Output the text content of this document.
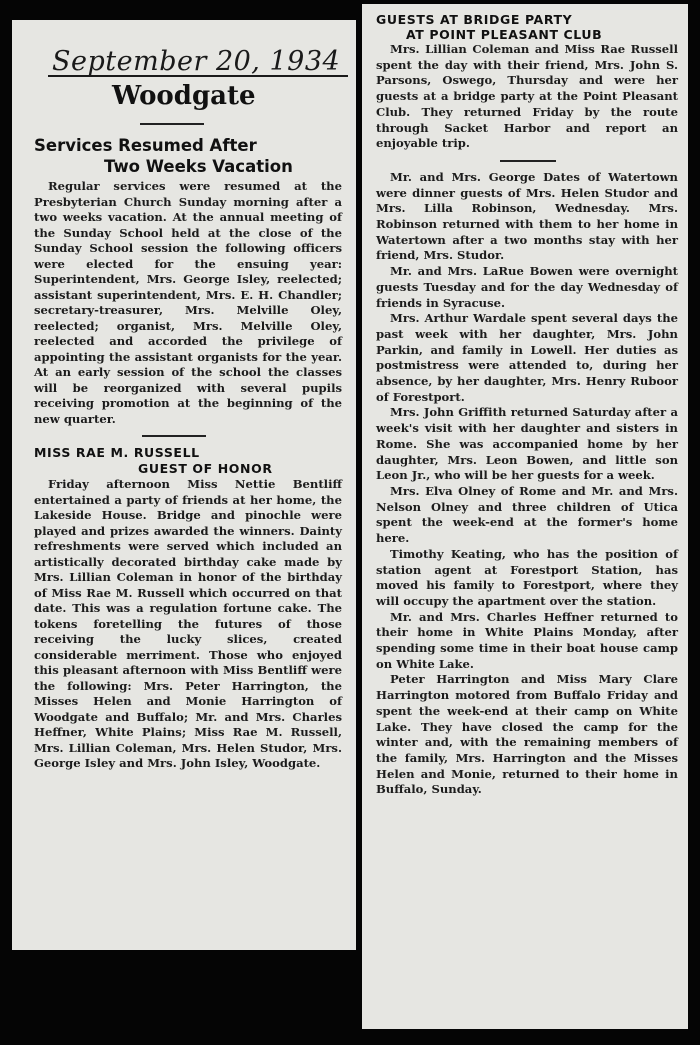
September 20, 1934
Woodgate
Services Resumed After
Two Weeks Vacation

Regular services were resumed at the Presbyterian Church Sunday morning after a two weeks vacation. At the annual meeting of the Sunday School held at the close of the Sunday School session the following officers were elected for the ensuing year: Superintendent, Mrs. George Isley, reelected; assistant superintendent, Mrs. E. H. Chandler; secretary-treasurer, Mrs. Melville Oley, reelected; organist, Mrs. Melville Oley, reelected and accorded the privilege of appointing the assistant organists for the year. At an early session of the school the classes will be reorganized with several pupils receiving promotion at the beginning of the new quarter.

MISS RAE M. RUSSELL
GUEST OF HONOR

Friday afternoon Miss Nettie Bentliff entertained a party of friends at her home, the Lakeside House. Bridge and pinochle were played and prizes awarded the winners. Dainty refreshments were served which included an artistically decorated birthday cake made by Mrs. Lillian Coleman in honor of the birthday of Miss Rae M. Russell which occurred on that date. This was a regulation fortune cake. The tokens foretelling the futures of those receiving the lucky slices, created considerable merriment. Those who enjoyed this pleasant afternoon with Miss Bentliff were the following: Mrs. Peter Harrington, the Misses Helen and Monie Harrington of Woodgate and Buffalo; Mr. and Mrs. Charles Heffner, White Plains; Miss Rae M. Russell, Mrs. Lillian Coleman, Mrs. Helen Studor, Mrs. George Isley and Mrs. John Isley, Woodgate.

GUESTS AT BRIDGE PARTY
AT POINT PLEASANT CLUB

Mrs. Lillian Coleman and Miss Rae Russell spent the day with their friend, Mrs. John S. Parsons, Oswego, Thursday and were her guests at a bridge party at the Point Pleasant Club. They returned Friday by the route through Sacket Harbor and report an enjoyable trip.

Mr. and Mrs. George Dates of Watertown were dinner guests of Mrs. Helen Studor and Mrs. Lilla Robinson, Wednesday. Mrs. Robinson returned with them to her home in Watertown after a two months stay with her friend, Mrs. Studor.

Mr. and Mrs. LaRue Bowen were overnight guests Tuesday and for the day Wednesday of friends in Syracuse.

Mrs. Arthur Wardale spent several days the past week with her daughter, Mrs. John Parkin, and family in Lowell. Her duties as postmistress were attended to, during her absence, by her daughter, Mrs. Henry Ruboor of Forestport.

Mrs. John Griffith returned Saturday after a week's visit with her daughter and sisters in Rome. She was accompanied home by her daughter, Mrs. Leon Bowen, and little son Leon Jr., who will be her guests for a week.

Mrs. Elva Olney of Rome and Mr. and Mrs. Nelson Olney and three children of Utica spent the week-end at the former's home here.

Timothy Keating, who has the position of station agent at Forestport Station, has moved his family to Forestport, where they will occupy the apartment over the station.

Mr. and Mrs. Charles Heffner returned to their home in White Plains Monday, after spending some time in their boat house camp on White Lake.

Peter Harrington and Miss Mary Clare Harrington motored from Buffalo Friday and spent the week-end at their camp on White Lake. They have closed the camp for the winter and, with the remaining members of the family, Mrs. Harrington and the Misses Helen and Monie, returned to their home in Buffalo, Sunday.
